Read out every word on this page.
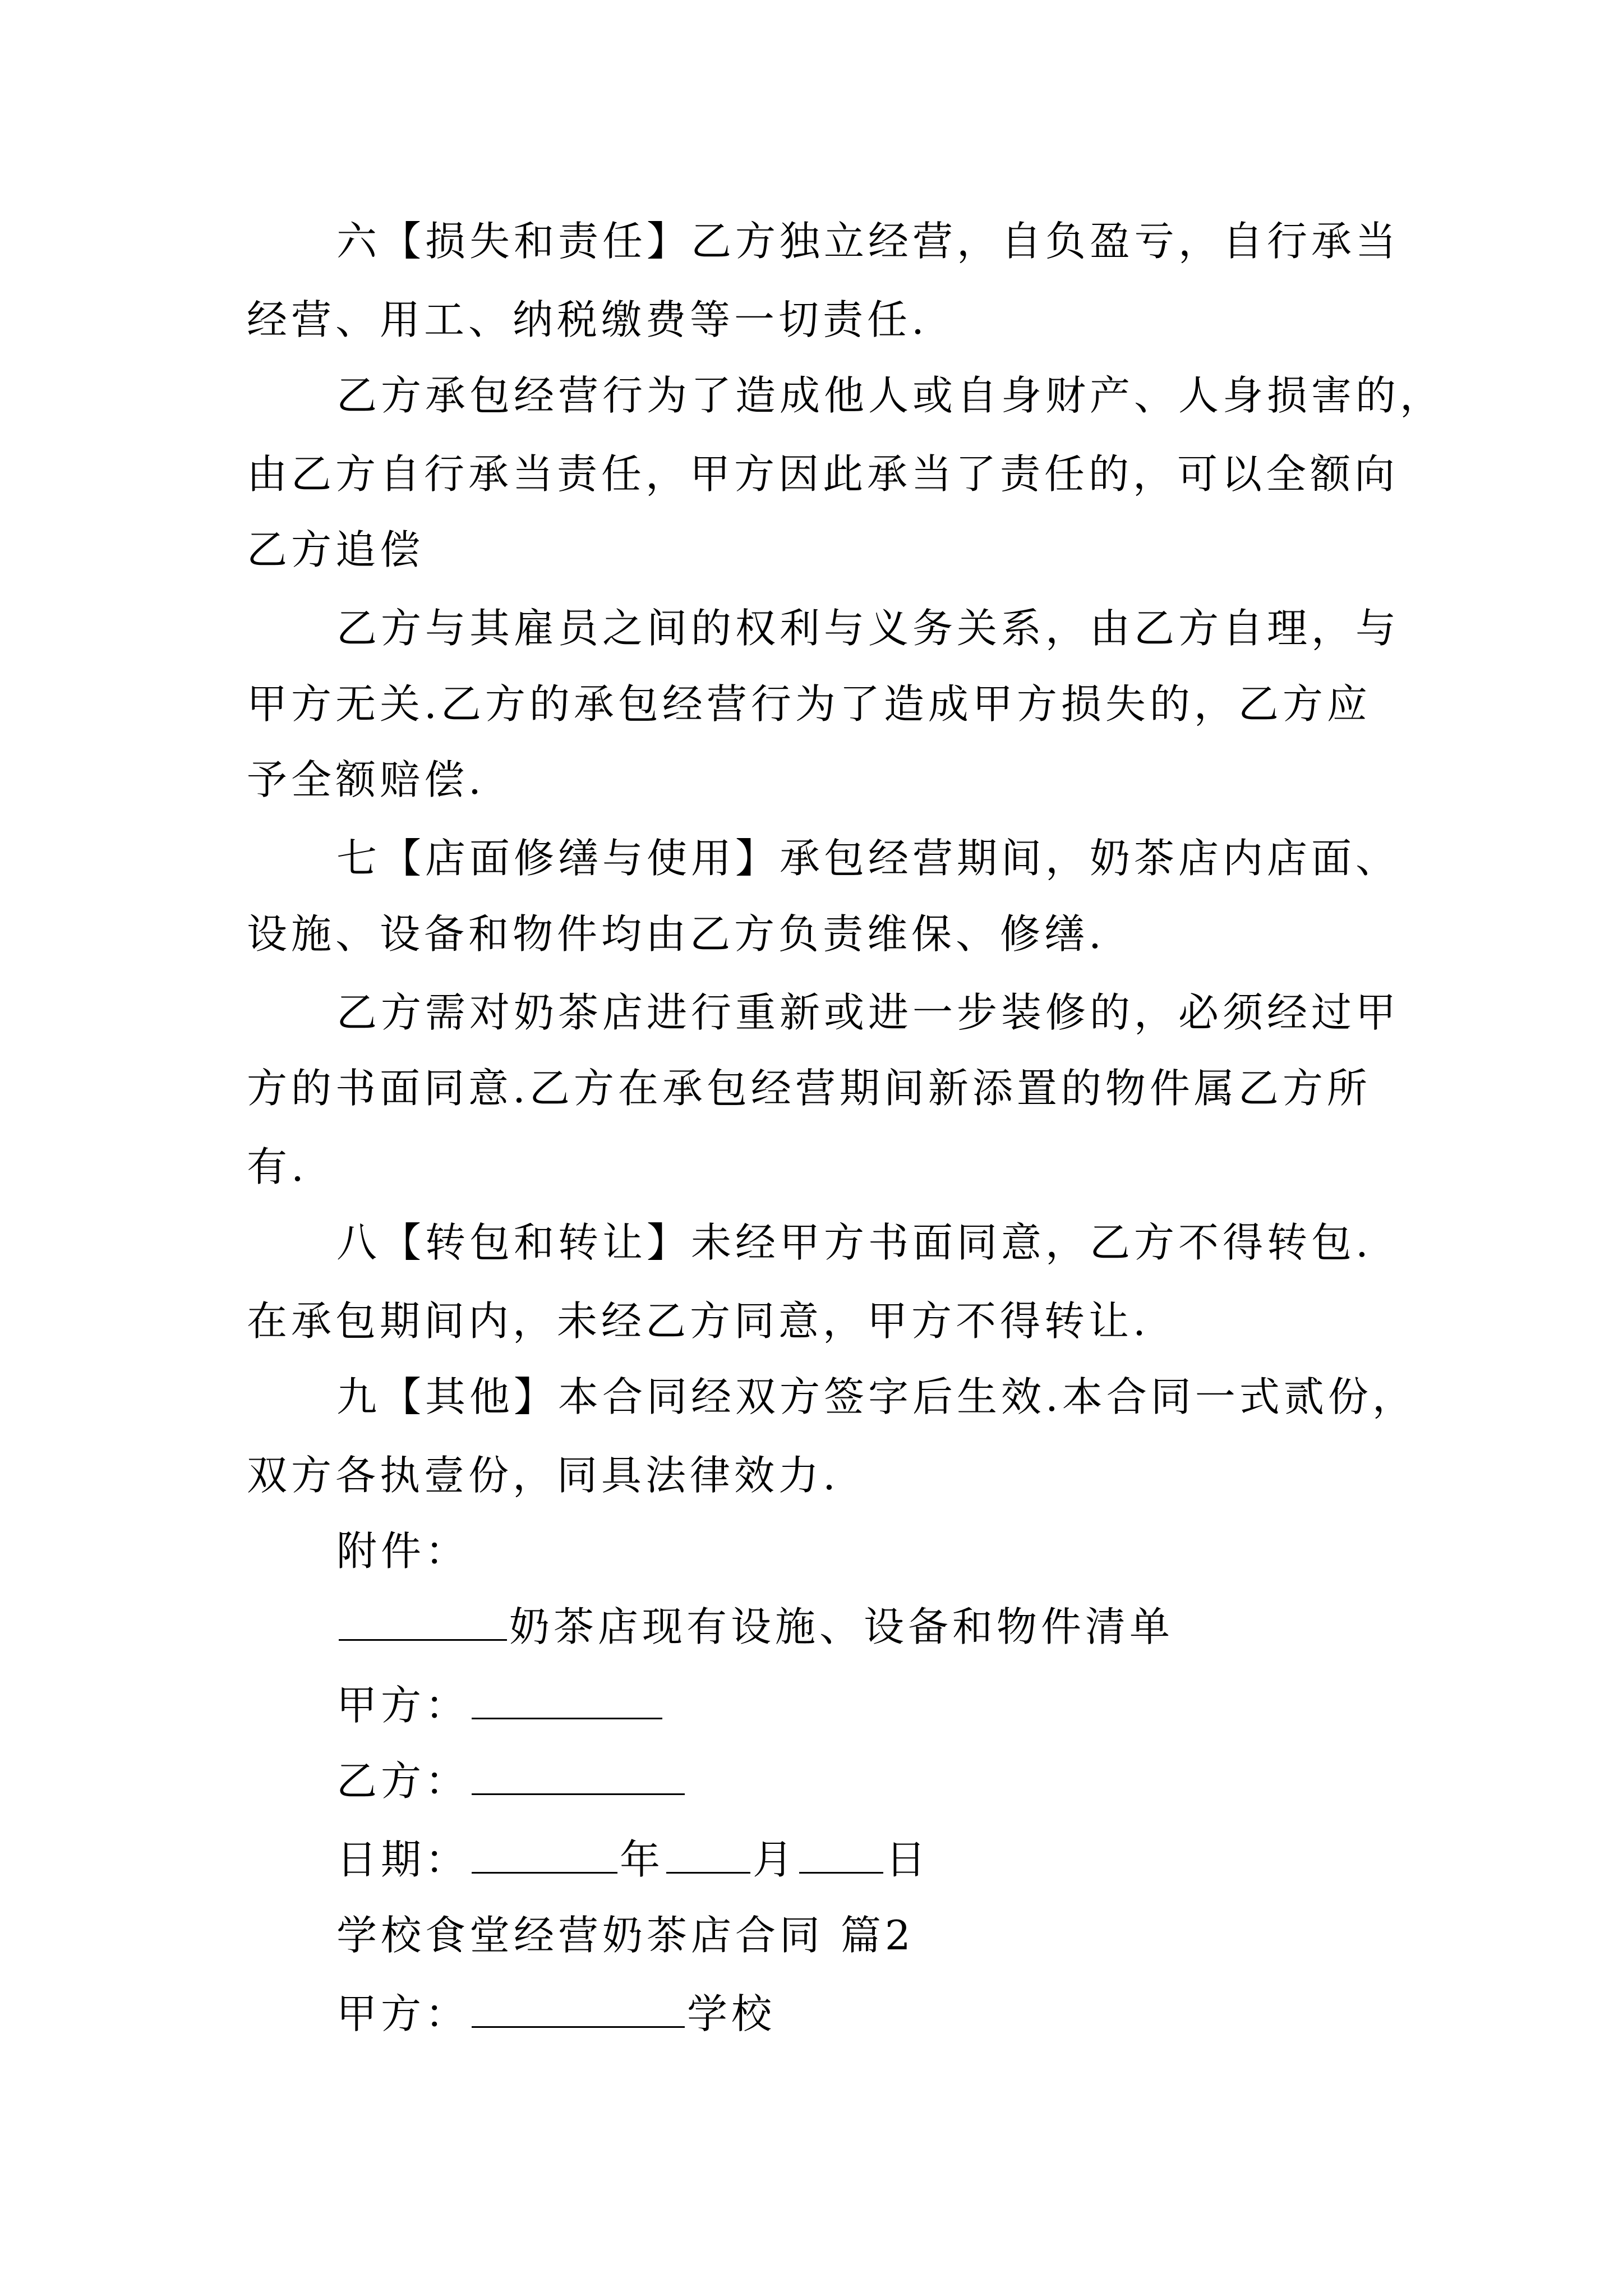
六【损失和责任】乙方独立经营，自负盈亏，自行承当
经营、用工、纳税缴费等一切责任.
乙方承包经营行为了造成他人或自身财产、人身损害的，
由乙方自行承当责任，甲方因此承当了责任的，可以全额向
乙方追偿
乙方与其雇员之间的权利与义务关系，由乙方自理，与
甲方无关.乙方的承包经营行为了造成甲方损失的，乙方应
予全额赔偿.
七【店面修缮与使用】承包经营期间，奶茶店内店面、
设施、设备和物件均由乙方负责维保、修缮.
乙方需对奶茶店进行重新或进一步装修的，必须经过甲
方的书面同意.乙方在承包经营期间新添置的物件属乙方所
有.
八【转包和转让】未经甲方书面同意，乙方不得转包.
在承包期间内，未经乙方同意，甲方不得转让.
九【其他】本合同经双方签字后生效.本合同一式贰份，
双方各执壹份，同具法律效力.
附件：
奶茶店现有设施、设备和物件清单
甲方：
乙方：
日期：	年 月 日
学校食堂经营奶茶店合同 篇2
甲方：	学校
